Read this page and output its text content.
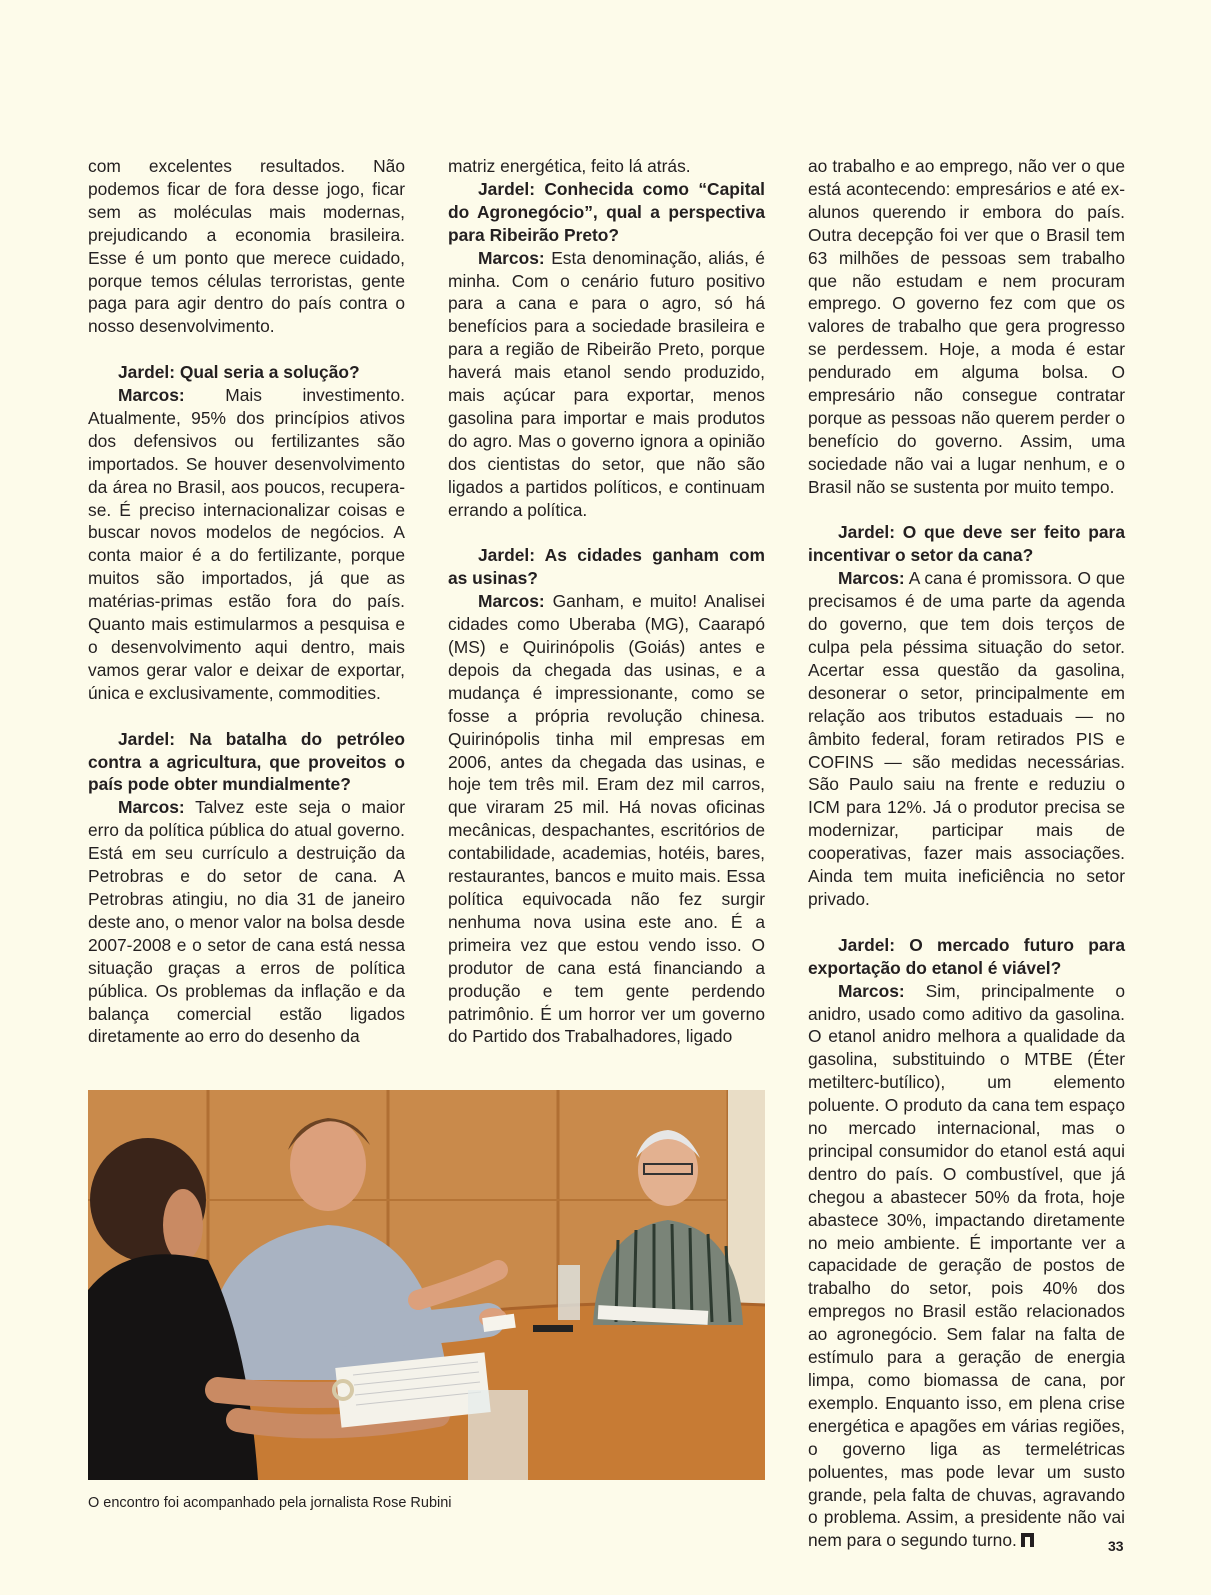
com excelentes resultados. Não podemos ficar de fora desse jogo, ficar sem as moléculas mais modernas, prejudicando a economia brasileira. Esse é um ponto que merece cuidado, porque temos células terroristas, gente paga para agir dentro do país contra o nosso desenvolvimento.

Jardel: Qual seria a solução?

Marcos: Mais investimento. Atualmente, 95% dos princípios ativos dos defensivos ou fertilizantes são importados. Se houver desenvolvimento da área no Brasil, aos poucos, recupera-se. É preciso internacionalizar coisas e buscar novos modelos de negócios. A conta maior é a do fertilizante, porque muitos são importados, já que as matérias-primas estão fora do país. Quanto mais estimularmos a pesquisa e o desenvolvimento aqui dentro, mais vamos gerar valor e deixar de exportar, única e exclusivamente, commodities.

Jardel: Na batalha do petróleo contra a agricultura, que proveitos o país pode obter mundialmente?

Marcos: Talvez este seja o maior erro da política pública do atual governo. Está em seu currículo a destruição da Petrobras e do setor de cana. A Petrobras atingiu, no dia 31 de janeiro deste ano, o menor valor na bolsa desde 2007-2008 e o setor de cana está nessa situação graças a erros de política pública. Os problemas da inflação e da balança comercial estão ligados diretamente ao erro do desenho da

matriz energética, feito lá atrás.

Jardel: Conhecida como “Capital do Agronegócio”, qual a perspectiva para Ribeirão Preto?

Marcos: Esta denominação, aliás, é minha. Com o cenário futuro positivo para a cana e para o agro, só há benefícios para a sociedade brasileira e para a região de Ribeirão Preto, porque haverá mais etanol sendo produzido, mais açúcar para exportar, menos gasolina para importar e mais produtos do agro. Mas o governo ignora a opinião dos cientistas do setor, que não são ligados a partidos políticos, e continuam errando a política.

Jardel: As cidades ganham com as usinas?

Marcos: Ganham, e muito! Analisei cidades como Uberaba (MG), Caarapó (MS) e Quirinópolis (Goiás) antes e depois da chegada das usinas, e a mudança é impressionante, como se fosse a própria revolução chinesa. Quirinópolis tinha mil empresas em 2006, antes da chegada das usinas, e hoje tem três mil. Eram dez mil carros, que viraram 25 mil. Há novas oficinas mecânicas, despachantes, escritórios de contabilidade, academias, hotéis, bares, restaurantes, bancos e muito mais. Essa política equivocada não fez surgir nenhuma nova usina este ano. É a primeira vez que estou vendo isso. O produtor de cana está financiando a produção e tem gente perdendo patrimônio. É um horror ver um governo do Partido dos Trabalhadores, ligado

ao trabalho e ao emprego, não ver o que está acontecendo: empresários e até ex-alunos querendo ir embora do país. Outra decepção foi ver que o Brasil tem 63 milhões de pessoas sem trabalho que não estudam e nem procuram emprego. O governo fez com que os valores de trabalho que gera progresso se perdessem. Hoje, a moda é estar pendurado em alguma bolsa. O empresário não consegue contratar porque as pessoas não querem perder o benefício do governo. Assim, uma sociedade não vai a lugar nenhum, e o Brasil não se sustenta por muito tempo.

Jardel: O que deve ser feito para incentivar o setor da cana?

Marcos: A cana é promissora. O que precisamos é de uma parte da agenda do governo, que tem dois terços de culpa pela péssima situação do setor. Acertar essa questão da gasolina, desonerar o setor, principalmente em relação aos tributos estaduais — no âmbito federal, foram retirados PIS e COFINS — são medidas necessárias. São Paulo saiu na frente e reduziu o ICM para 12%. Já o produtor precisa se modernizar, participar mais de cooperativas, fazer mais associações. Ainda tem muita ineficiência no setor privado.

Jardel: O mercado futuro para exportação do etanol é viável?

Marcos: Sim, principalmente o anidro, usado como aditivo da gasolina. O etanol anidro melhora a qualidade da gasolina, substituindo o MTBE (Éter metilterc-butílico), um elemento poluente. O produto da cana tem espaço no mercado internacional, mas o principal consumidor do etanol está aqui dentro do país. O combustível, que já chegou a abastecer 50% da frota, hoje abastece 30%, impactando diretamente no meio ambiente. É importante ver a capacidade de geração de postos de trabalho do setor, pois 40% dos empregos no Brasil estão relacionados ao agronegócio. Sem falar na falta de estímulo para a geração de energia limpa, como biomassa de cana, por exemplo. Enquanto isso, em plena crise energética e apagões em várias regiões, o governo liga as termelétricas poluentes, mas pode levar um susto grande, pela falta de chuvas, agravando o problema. Assim, a presidente não vai nem para o segundo turno.

O encontro foi acompanhado pela jornalista Rose Rubini
33
